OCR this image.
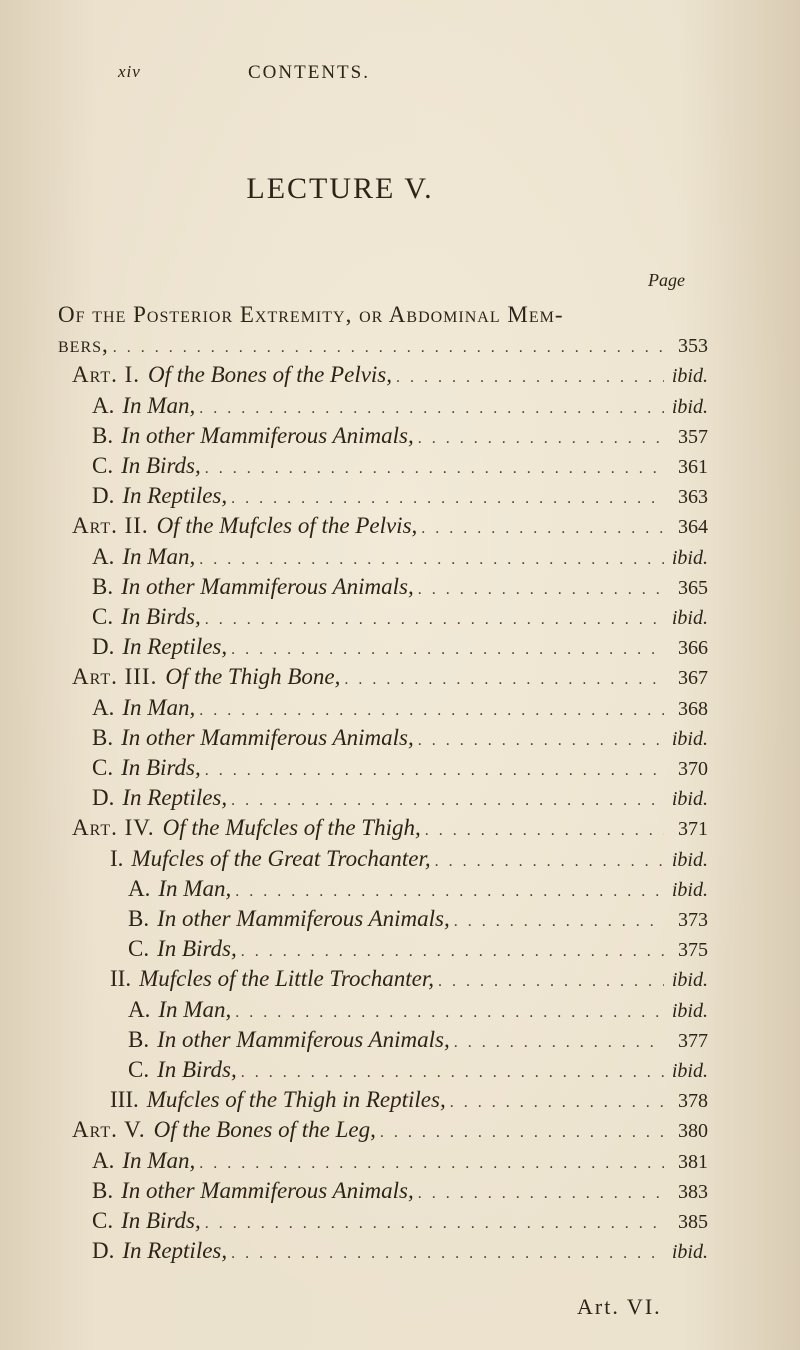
xiv	CONTENTS.
LECTURE V.
Page
Of the Posterior Extremity, or Abdominal Mem-
bers, . . .	353
Art. I. Of the Bones of the Pelvis, . . .	ibid.
A. In Man, . . .	ibid.
B. In other Mammiferous Animals, . . .	357
C. In Birds, . . .	361
D. In Reptiles, . . .	363
Art. II. Of the Mufcles of the Pelvis, . . .	364
A. In Man, . . .	ibid.
B. In other Mammiferous Animals, . . .	365
C. In Birds, . . .	ibid.
D. In Reptiles, . . .	366
Art. III. Of the Thigh Bone, . . .	367
A. In Man, . . .	368
B. In other Mammiferous Animals, . . .	ibid.
C. In Birds, . . .	370
D. In Reptiles, . . .	ibid.
Art. IV. Of the Mufcles of the Thigh, . . .	371
I. Mufcles of the Great Trochanter, . . .	ibid.
A. In Man, . . .	ibid.
B. In other Mammiferous Animals, . . .	373
C. In Birds, . . .	375
II. Mufcles of the Little Trochanter, . . .	ibid.
A. In Man, . . .	ibid.
B. In other Mammiferous Animals, . . .	377
C. In Birds, . . .	ibid.
III. Mufcles of the Thigh in Reptiles, . . .	378
Art. V. Of the Bones of the Leg, . . .	380
A. In Man, . . .	381
B. In other Mammiferous Animals, . . .	383
C. In Birds, . . .	385
D. In Reptiles, . . .	ibid.
Art. VI.
